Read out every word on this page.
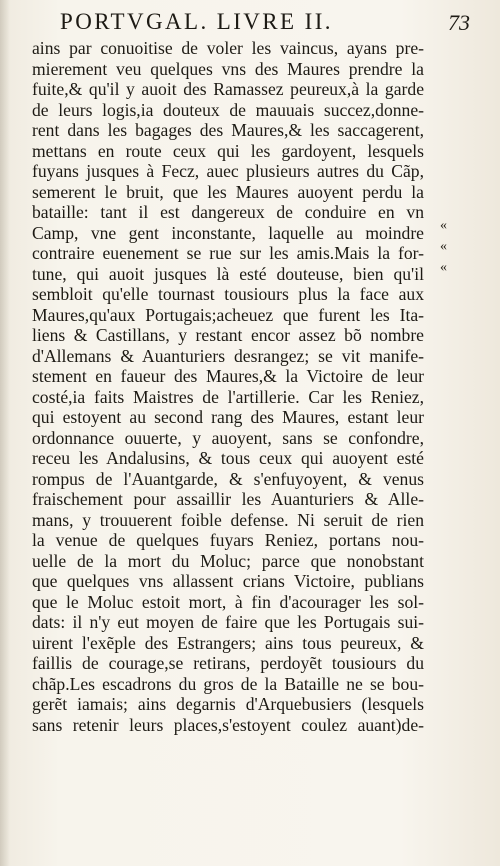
PORTVGAL. LIVRE II.	73
ains par conuoitise de voler les vaincus, ayans pre-
mierement veu quelques vns des Maures prendre la
fuite,& qu'il y auoit des Ramassez peureux,à la garde
de leurs logis,ia douteux de mauuais succez,donne-
rent dans les bagages des Maures,& les saccagerent,
mettans en route ceux qui les gardoyent, lesquels
fuyans jusques à Fecz, auec plusieurs autres du Cãp,
semerent le bruit, que les Maures auoyent perdu la
bataille: tant il est dangereux de conduire en vn
Camp, vne gent inconstante, laquelle au moindre
contraire euenement se rue sur les amis.Mais la for-
tune, qui auoit jusques là esté douteuse, bien qu'il
sembloit qu'elle tournast tousiours plus la face aux
Maures,qu'aux Portugais;acheuez que furent les Ita-
liens & Castillans, y restant encor assez bõ nombre
d'Allemans & Auanturiers desrangez; se vit manife-
stement en faueur des Maures,& la Victoire de leur
costé,ia faits Maistres de l'artillerie. Car les Reniez,
qui estoyent au second rang des Maures, estant leur
ordonnance ouuerte, y auoyent, sans se confondre,
receu les Andalusins, & tous ceux qui auoyent esté
rompus de l'Auantgarde, & s'enfuyoyent, & venus
fraischement pour assaillir les Auanturiers & Alle-
mans, y trouuerent foible defense. Ni seruit de rien
la venue de quelques fuyars Reniez, portans nou-
uelle de la mort du Moluc; parce que nonobstant
que quelques vns allassent crians Victoire, publians
que le Moluc estoit mort, à fin d'acourager les sol-
dats: il n'y eut moyen de faire que les Portugais sui-
uirent l'exẽple des Estrangers; ains tous peureux, &
faillis de courage,se retirans, perdoyẽt tousiours du
chãp.Les escadrons du gros de la Bataille ne se bou-
gerẽt iamais; ains degarnis d'Arquebusiers (lesquels
sans retenir leurs places,s'estoyent coulez auant)de-
«
«
«
